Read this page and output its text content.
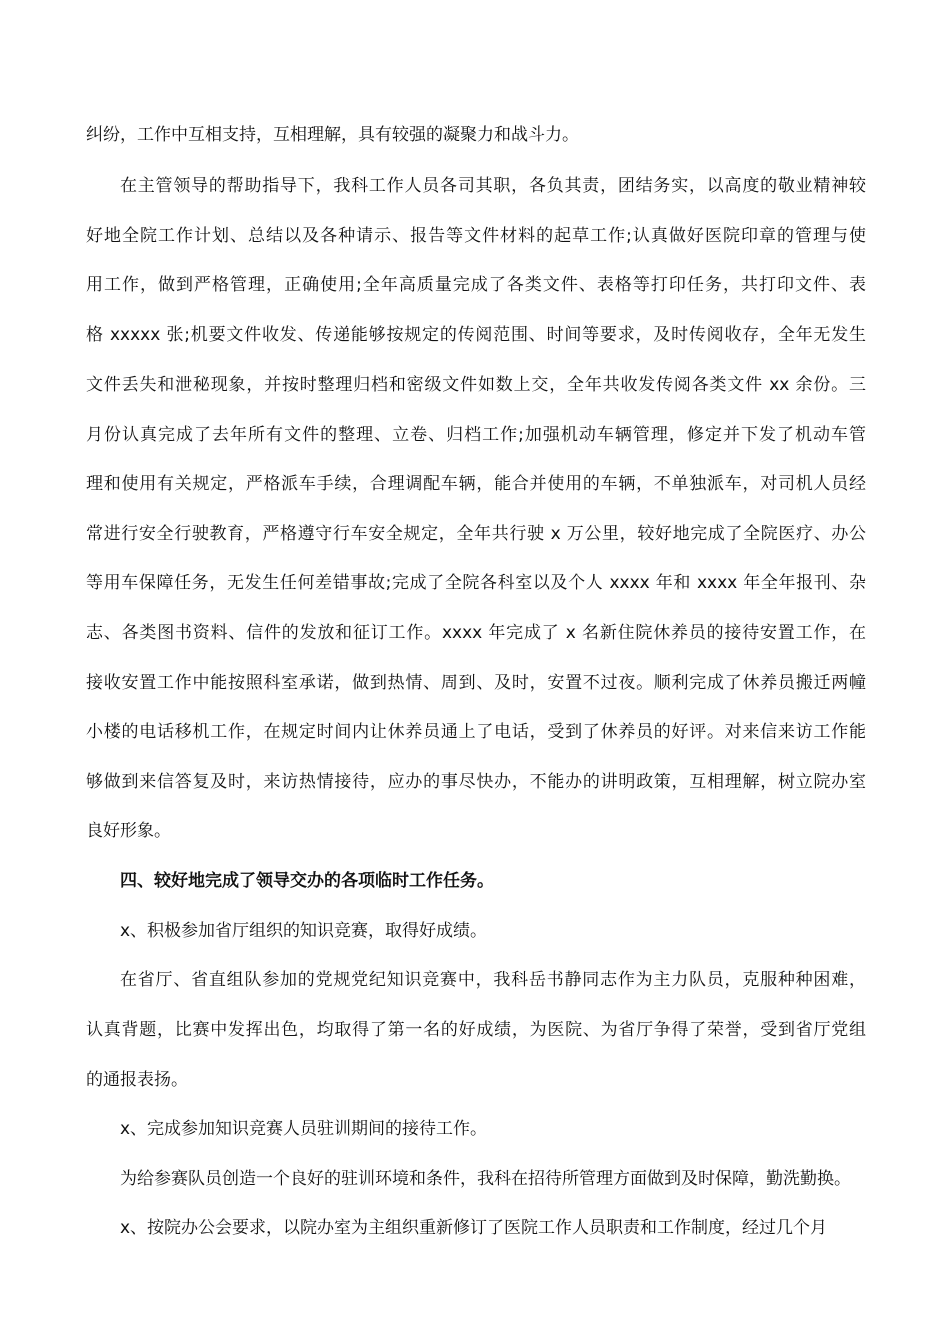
纠纷，工作中互相支持，互相理解，具有较强的凝聚力和战斗力。
在主管领导的帮助指导下，我科工作人员各司其职，各负其责，团结务实，以高度的敬业精神较
好地全院工作计划、总结以及各种请示、报告等文件材料的起草工作;认真做好医院印章的管理与使
用工作，做到严格管理，正确使用;全年高质量完成了各类文件、表格等打印任务，共打印文件、表
格 xxxxx 张;机要文件收发、传递能够按规定的传阅范围、时间等要求，及时传阅收存，全年无发生
文件丢失和泄秘现象，并按时整理归档和密级文件如数上交，全年共收发传阅各类文件 xx 余份。三
月份认真完成了去年所有文件的整理、立卷、归档工作;加强机动车辆管理，修定并下发了机动车管
理和使用有关规定，严格派车手续，合理调配车辆，能合并使用的车辆，不单独派车，对司机人员经
常进行安全行驶教育，严格遵守行车安全规定，全年共行驶 x 万公里，较好地完成了全院医疗、办公
等用车保障任务，无发生任何差错事故;完成了全院各科室以及个人 xxxx 年和 xxxx 年全年报刊、杂
志、各类图书资料、信件的发放和征订工作。xxxx 年完成了 x 名新住院休养员的接待安置工作，在
接收安置工作中能按照科室承诺，做到热情、周到、及时，安置不过夜。顺利完成了休养员搬迁两幢
小楼的电话移机工作，在规定时间内让休养员通上了电话，受到了休养员的好评。对来信来访工作能
够做到来信答复及时，来访热情接待，应办的事尽快办，不能办的讲明政策，互相理解，树立院办室
良好形象。
四、较好地完成了领导交办的各项临时工作任务。
x、积极参加省厅组织的知识竞赛，取得好成绩。
在省厅、省直组队参加的党规党纪知识竞赛中，我科岳书静同志作为主力队员，克服种种困难，
认真背题，比赛中发挥出色，均取得了第一名的好成绩，为医院、为省厅争得了荣誉，受到省厅党组
的通报表扬。
x、完成参加知识竞赛人员驻训期间的接待工作。
为给参赛队员创造一个良好的驻训环境和条件，我科在招待所管理方面做到及时保障，勤洗勤换。
x、按院办公会要求，以院办室为主组织重新修订了医院工作人员职责和工作制度，经过几个月
